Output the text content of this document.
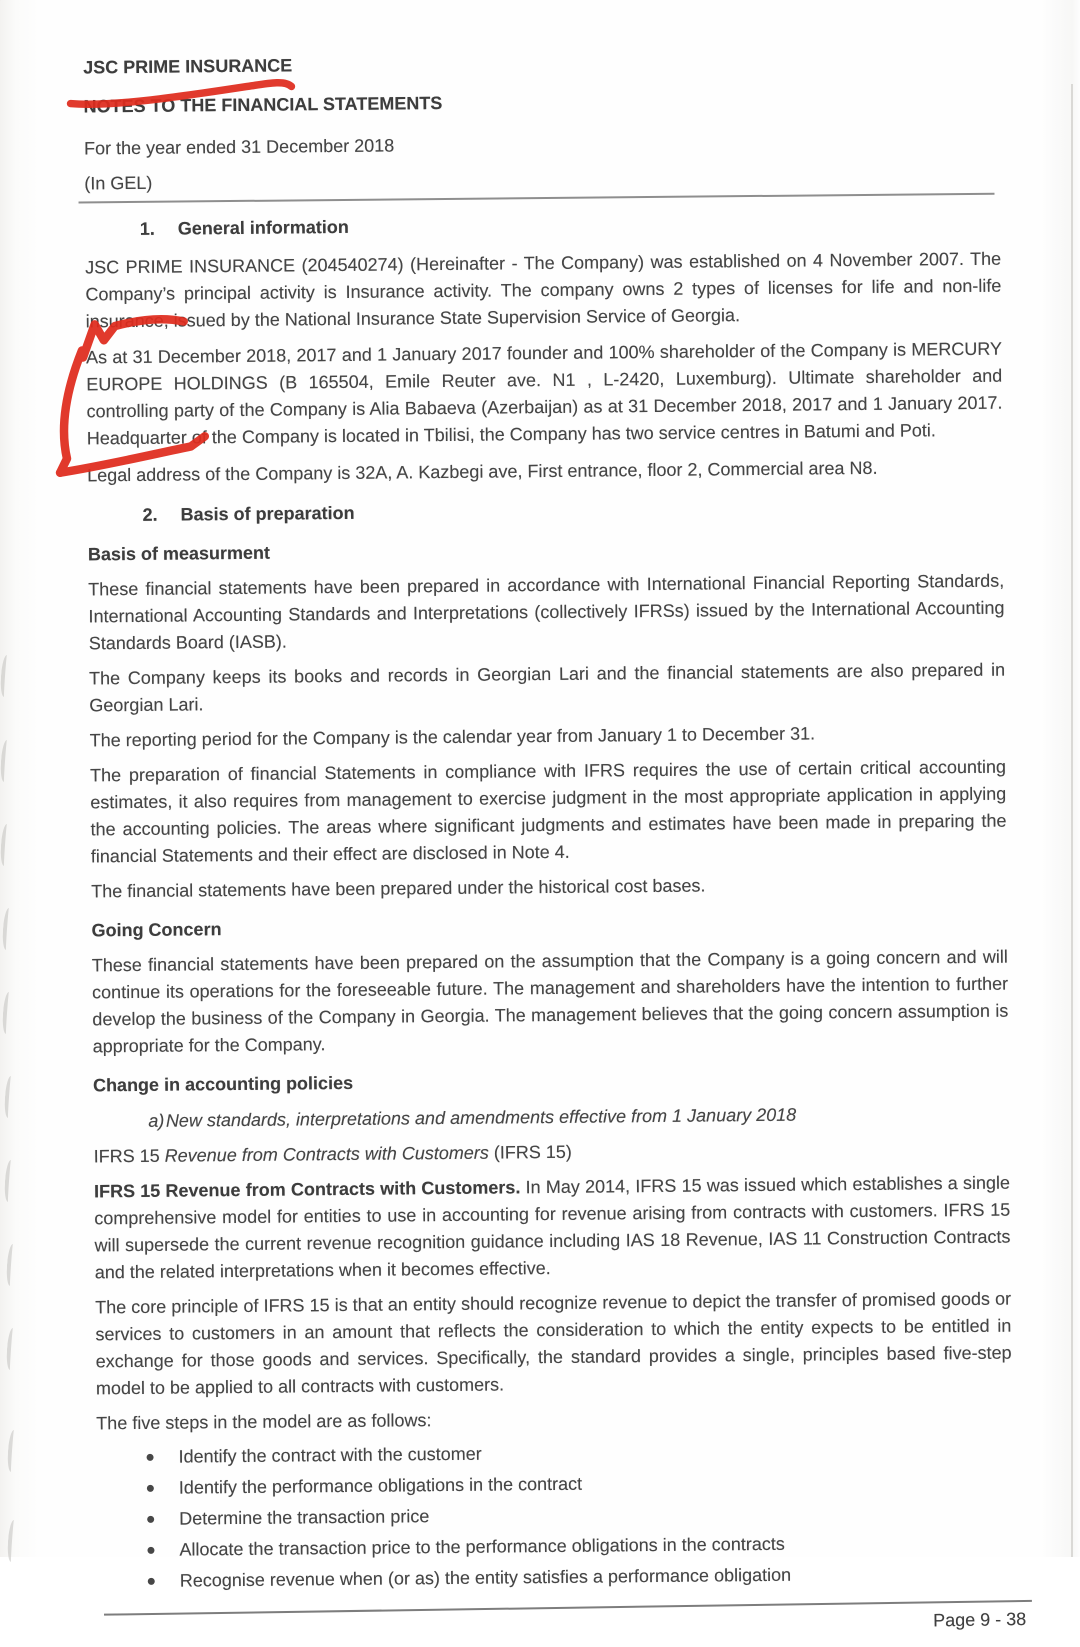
JSC PRIME INSURANCE
NOTES TO THE FINANCIAL STATEMENTS
For the year ended 31 December 2018
(In GEL)
1. General information

JSC PRIME INSURANCE (204540274) (Hereinafter - The Company) was established on 4 November 2007. The Company’s principal activity is Insurance activity. The company owns 2 types of licenses for life and non-life insurance, issued by the National Insurance State Supervision Service of Georgia.

As at 31 December 2018, 2017 and 1 January 2017 founder and 100% shareholder of the Company is MERCURY EUROPE HOLDINGS (B 165504, Emile Reuter ave. N1 , L-2420, Luxemburg). Ultimate shareholder and controlling party of the Company is Alia Babaeva (Azerbaijan) as at 31 December 2018, 2017 and 1 January 2017. Headquarter of the Company is located in Tbilisi, the Company has two service centres in Batumi and Poti.

Legal address of the Company is 32A, A. Kazbegi ave, First entrance, floor 2, Commercial area N8.

2. Basis of preparation
Basis of measurment

These financial statements have been prepared in accordance with International Financial Reporting Standards, International Accounting Standards and Interpretations (collectively IFRSs) issued by the International Accounting Standards Board (IASB).

The Company keeps its books and records in Georgian Lari and the financial statements are also prepared in Georgian Lari.

The reporting period for the Company is the calendar year from January 1 to December 31.

The preparation of financial Statements in compliance with IFRS requires the use of certain critical accounting estimates, it also requires from management to exercise judgment in the most appropriate application in applying the accounting policies. The areas where significant judgments and estimates have been made in preparing the financial Statements and their effect are disclosed in Note 4.

The financial statements have been prepared under the historical cost bases.

Going Concern

These financial statements have been prepared on the assumption that the Company is a going concern and will continue its operations for the foreseeable future. The management and shareholders have the intention to further develop the business of the Company in Georgia. The management believes that the going concern assumption is appropriate for the Company.

Change in accounting policies
a) New standards, interpretations and amendments effective from 1 January 2018
IFRS 15 Revenue from Contracts with Customers (IFRS 15)

IFRS 15 Revenue from Contracts with Customers. In May 2014, IFRS 15 was issued which establishes a single comprehensive model for entities to use in accounting for revenue arising from contracts with customers. IFRS 15 will supersede the current revenue recognition guidance including IAS 18 Revenue, IAS 11 Construction Contracts and the related interpretations when it becomes effective.

The core principle of IFRS 15 is that an entity should recognize revenue to depict the transfer of promised goods or services to customers in an amount that reflects the consideration to which the entity expects to be entitled in exchange for those goods and services. Specifically, the standard provides a single, principles based five-step model to be applied to all contracts with customers.

The five steps in the model are as follows:

Identify the contract with the customer
Identify the performance obligations in the contract
Determine the transaction price
Allocate the transaction price to the performance obligations in the contracts
Recognise revenue when (or as) the entity satisfies a performance obligation
Page 9 - 38
